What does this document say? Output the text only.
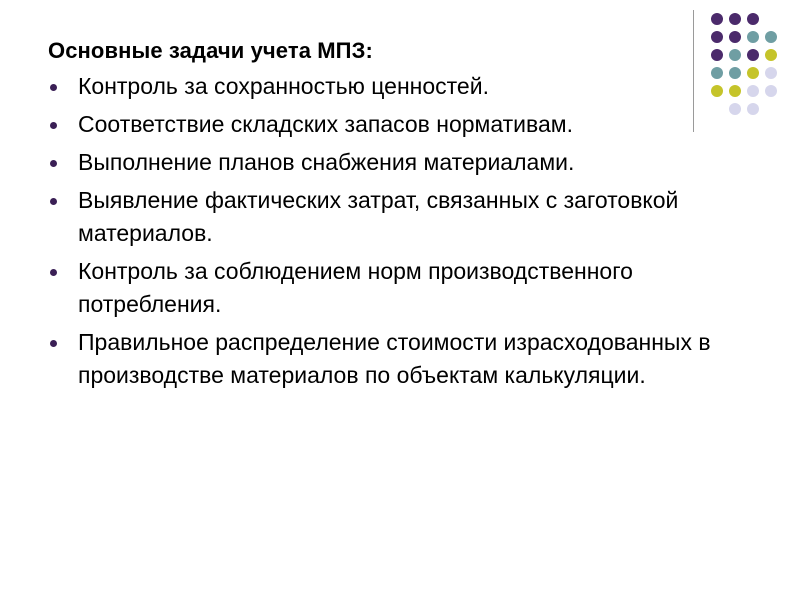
Основные задачи учета МПЗ:
Контроль за сохранностью ценностей.
Соответствие складских запасов нормативам.
Выполнение планов снабжения материалами.
Выявление фактических затрат, связанных с заготовкой материалов.
Контроль за соблюдением норм производственного потребления.
Правильное распределение стоимости израсходованных в производстве материалов по объектам калькуляции.
